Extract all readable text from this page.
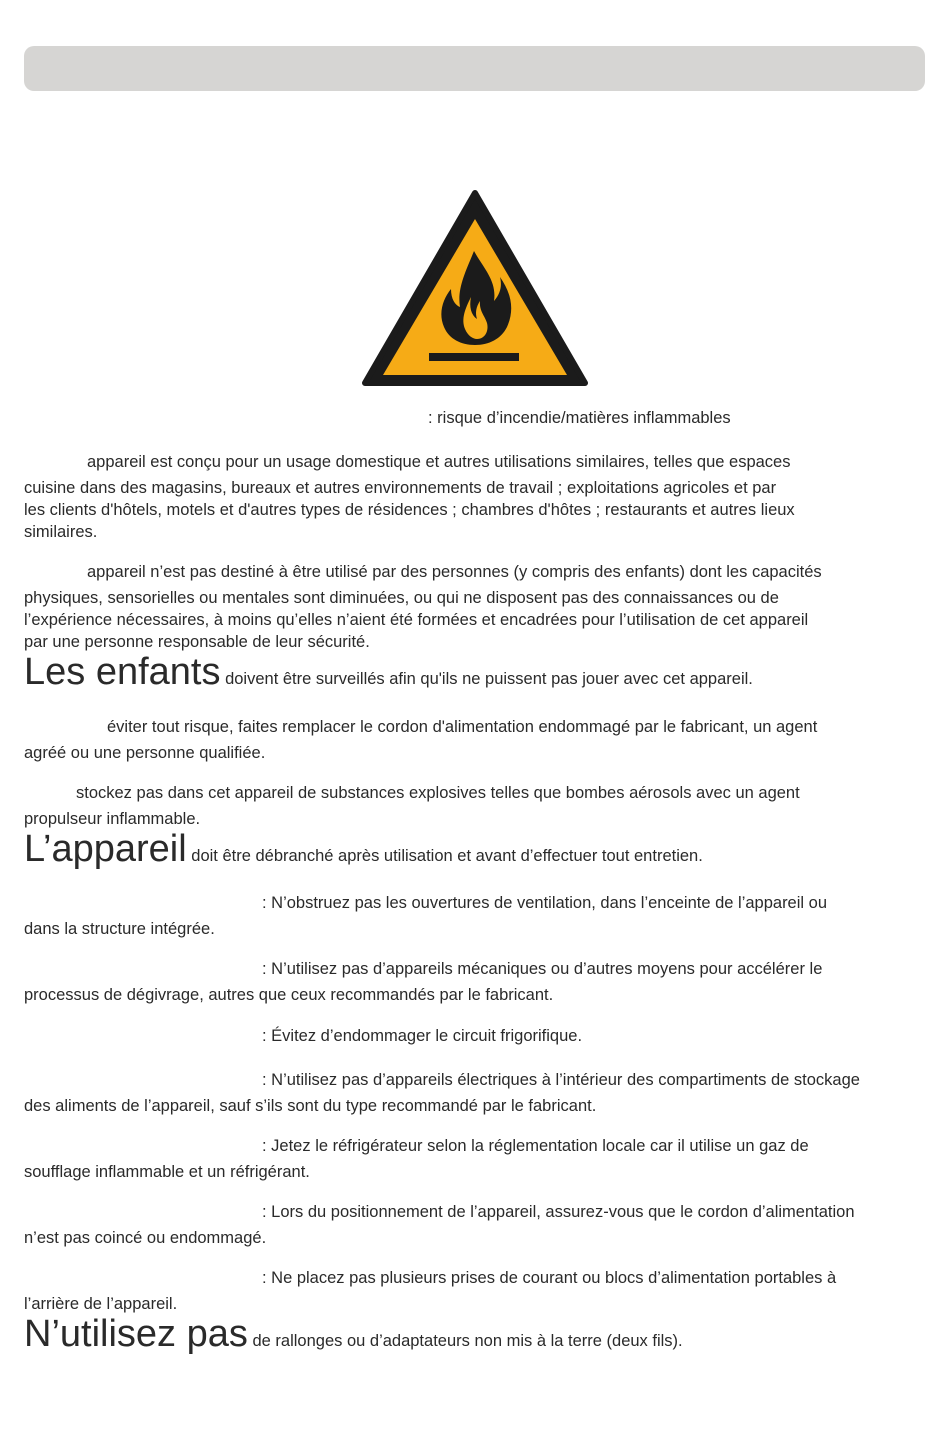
: risque d’incendie/matières inflammables
appareil est conçu pour un usage domestique et autres utilisations similaires, telles que espaces
cuisine dans des magasins, bureaux et autres environnements de travail ; exploitations agricoles et par
les clients d'hôtels, motels et d'autres types de résidences ; chambres d'hôtes ; restaurants et autres lieux
similaires.
appareil n’est pas destiné à être utilisé par des personnes (y compris des enfants) dont les capacités
physiques, sensorielles ou mentales sont diminuées, ou qui ne disposent pas des connaissances ou de
l’expérience nécessaires, à moins qu’elles n’aient été formées et encadrées pour l’utilisation de cet appareil
par une personne responsable de leur sécurité.
Les enfants doivent être surveillés afin qu'ils ne puissent pas jouer avec cet appareil.
éviter tout risque, faites remplacer le cordon d'alimentation endommagé par le fabricant, un agent
agréé ou une personne qualifiée.
stockez pas dans cet appareil de substances explosives telles que bombes aérosols avec un agent
propulseur inflammable.
L’appareil doit être débranché après utilisation et avant d’effectuer tout entretien.
: N’obstruez pas les ouvertures de ventilation, dans l’enceinte de l’appareil ou
dans la structure intégrée.
: N’utilisez pas d’appareils mécaniques ou d’autres moyens pour accélérer le
processus de dégivrage, autres que ceux recommandés par le fabricant.
: Évitez d’endommager le circuit frigorifique.
: N’utilisez pas d’appareils électriques à l’intérieur des compartiments de stockage
des aliments de l’appareil, sauf s’ils sont du type recommandé par le fabricant.
: Jetez le réfrigérateur selon la réglementation locale car il utilise un gaz de
soufflage inflammable et un réfrigérant.
: Lors du positionnement de l’appareil, assurez-vous que le cordon d’alimentation
n’est pas coincé ou endommagé.
: Ne placez pas plusieurs prises de courant ou blocs d’alimentation portables à
l’arrière de l’appareil.
N’utilisez pas de rallonges ou d’adaptateurs non mis à la terre (deux fils).
